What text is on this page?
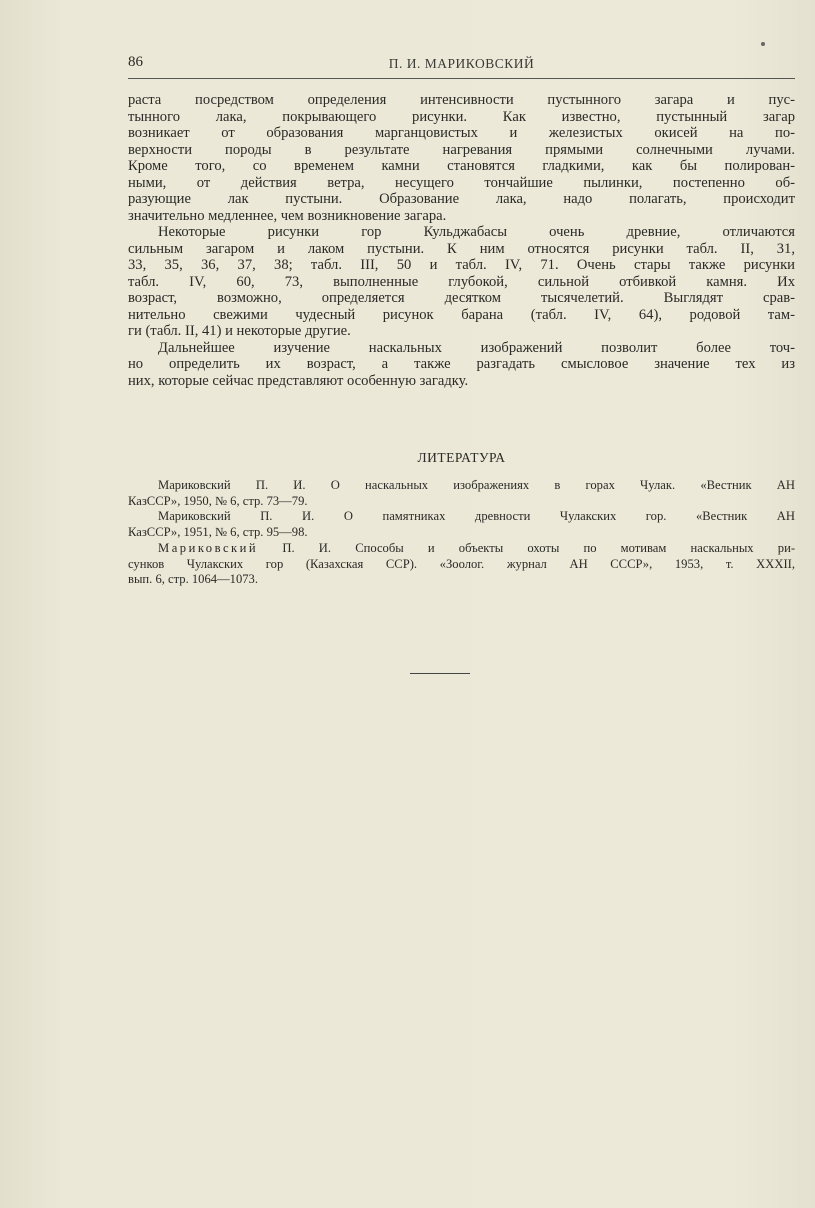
86	П. И. МАРИКОВСКИЙ
раста посредством определения интенсивности пустынного загара и пус-
тынного лака, покрывающего рисунки. Как известно, пустынный загар
возникает от образования марганцовистых и железистых окисей на по-
верхности породы в результате нагревания прямыми солнечными лучами.
Кроме того, со временем камни становятся гладкими, как бы полирован-
ными, от действия ветра, несущего тончайшие пылинки, постепенно об-
разующие лак пустыни. Образование лака, надо полагать, происходит
значительно медленнее, чем возникновение загара.
Некоторые рисунки гор Кульджабасы очень древние, отличаются
сильным загаром и лаком пустыни. К ним относятся рисунки табл. II, 31,
33, 35, 36, 37, 38; табл. III, 50 и табл. IV, 71. Очень стары также рисунки
табл. IV, 60, 73, выполненные глубокой, сильной отбивкой камня. Их
возраст, возможно, определяется десятком тысячелетий. Выглядят срав-
нительно свежими чудесный рисунок барана (табл. IV, 64), родовой там-
ги (табл. II, 41) и некоторые другие.
Дальнейшее изучение наскальных изображений позволит более точ-
но определить их возраст, а также разгадать смысловое значение тех из
них, которые сейчас представляют особенную загадку.
ЛИТЕРАТУРА
Мариковский П. И. О наскальных изображениях в горах Чулак. «Вестник АН
КазССР», 1950, № 6, стр. 73—79.
Мариковский П. И. О памятниках древности Чулакских гор. «Вестник АН
КазССР», 1951, № 6, стр. 95—98.
Мариковский П. И. Способы и объекты охоты по мотивам наскальных ри-
сунков Чулакских гор (Казахская ССР). «Зоолог. журнал АН СССР», 1953, т. XXXII,
вып. 6, стр. 1064—1073.
